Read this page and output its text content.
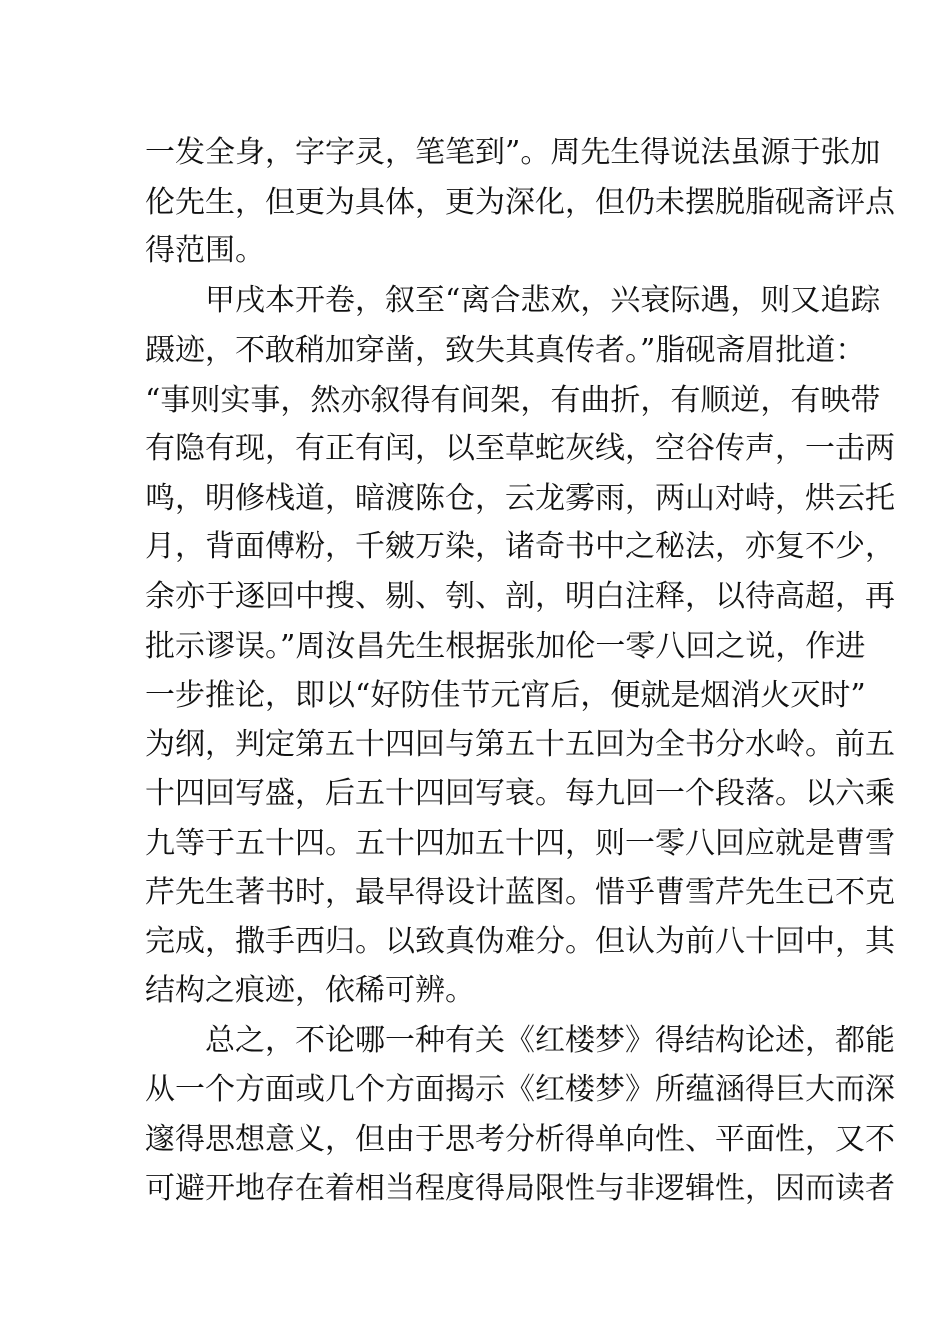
一发全身，字字灵，笔笔到”。周先生得说法虽源于张加
伦先生，但更为具体，更为深化，但仍未摆脱脂砚斋评点
得范围。
甲戌本开卷，叙至“离合悲欢，兴衰际遇，则又追踪
蹑迹，不敢稍加穿凿，致失其真传者。”脂砚斋眉批道：
“事则实事，然亦叙得有间架，有曲折，有顺逆，有映带
有隐有现，有正有闰，以至草蛇灰线，空谷传声，一击两
鸣，明修栈道，暗渡陈仓，云龙雾雨，两山对峙，烘云托
月，背面傅粉，千皴万染，诸奇书中之秘法，亦复不少，
余亦于逐回中搜、剔、刳、剖，明白注释，以待高超，再
批示谬误。”周汝昌先生根据张加伦一零八回之说，作进
一步推论，即以“好防佳节元宵后，便就是烟消火灭时”
为纲，判定第五十四回与第五十五回为全书分水岭。前五
十四回写盛，后五十四回写衰。每九回一个段落。以六乘
九等于五十四。五十四加五十四，则一零八回应就是曹雪
芹先生著书时，最早得设计蓝图。惜乎曹雪芹先生已不克
完成，撒手西归。以致真伪难分。但认为前八十回中，其
结构之痕迹，依稀可辨。
总之，不论哪一种有关《红楼梦》得结构论述，都能
从一个方面或几个方面揭示《红楼梦》所蕴涵得巨大而深
邃得思想意义，但由于思考分析得单向性、平面性，又不
可避开地存在着相当程度得局限性与非逻辑性，因而读者
